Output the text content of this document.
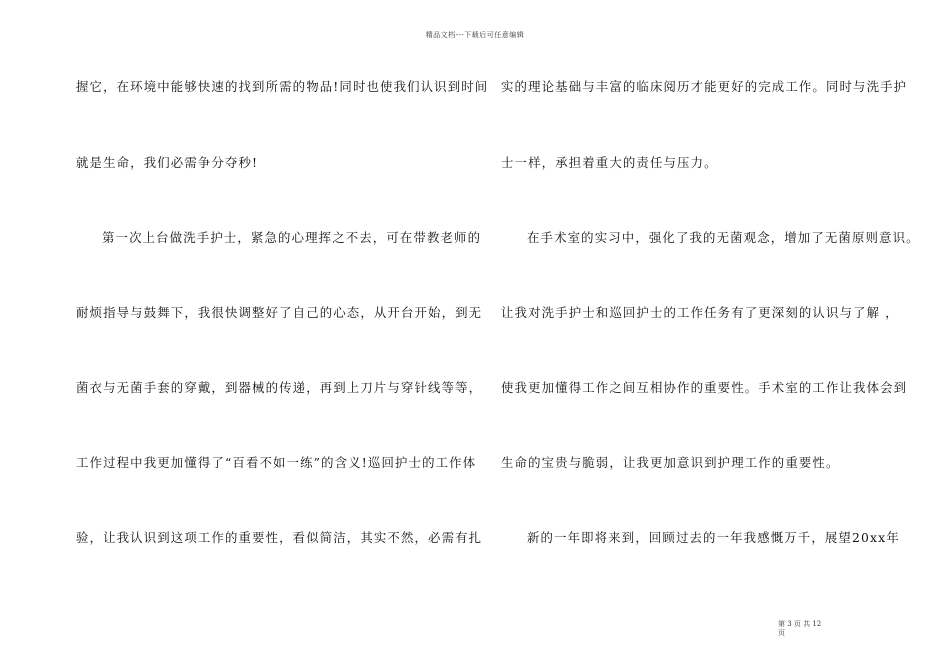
精品文档---下载后可任意编辑
握它，在环境中能够快速的找到所需的物品!同时也使我们认识到时间
就是生命，我们必需争分夺秒!
第一次上台做洗手护士，紧急的心理挥之不去，可在带教老师的
耐烦指导与鼓舞下，我很快调整好了自己的心态，从开台开始，到无
菌衣与无菌手套的穿戴，到器械的传递，再到上刀片与穿针线等等，
工作过程中我更加懂得了“百看不如一练”的含义!巡回护士的工作体
验，让我认识到这项工作的重要性，看似简洁，其实不然，必需有扎
实的理论基础与丰富的临床阅历才能更好的完成工作。同时与洗手护
士一样，承担着重大的责任与压力。
在手术室的实习中，强化了我的无菌观念，增加了无菌原则意识。
让我对洗手护士和巡回护士的工作任务有了更深刻的认识与了解 ，
使我更加懂得工作之间互相协作的重要性。手术室的工作让我体会到
生命的宝贵与脆弱，让我更加意识到护理工作的重要性。
新的一年即将来到，回顾过去的一年我感慨万千，展望20xx年
第 3 页 共 12
页
